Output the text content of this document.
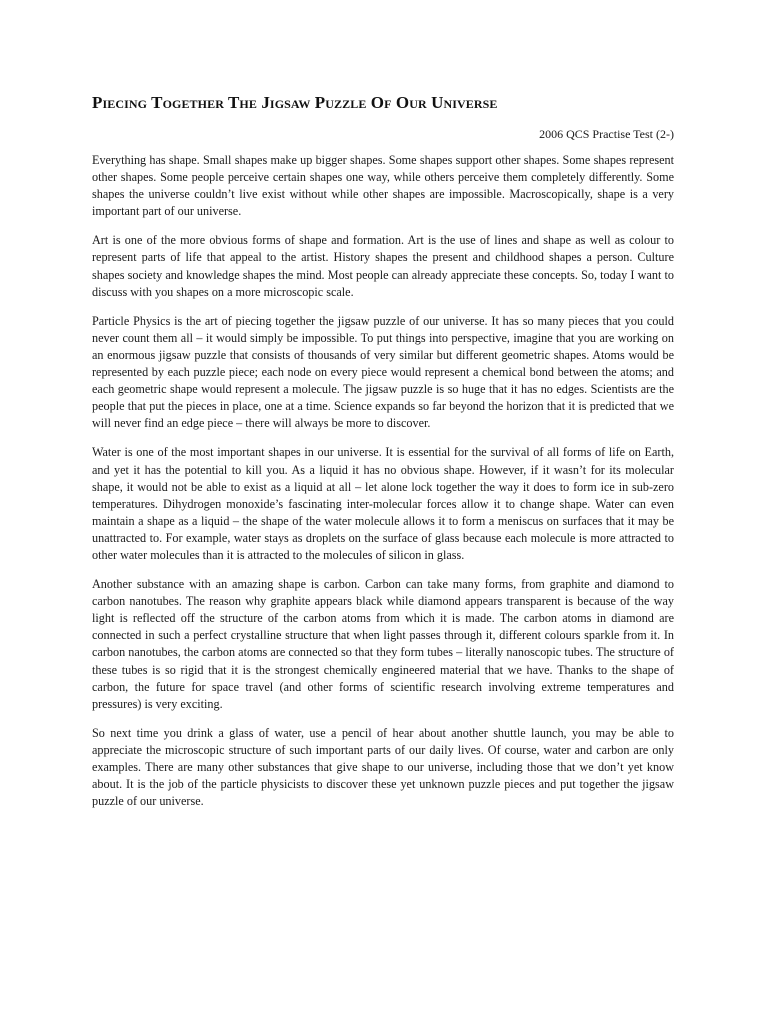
Piecing Together The Jigsaw Puzzle Of Our Universe

2006 QCS Practise Test (2-)

Everything has shape. Small shapes make up bigger shapes. Some shapes support other shapes. Some shapes represent other shapes. Some people perceive certain shapes one way, while others perceive them completely differently. Some shapes the universe couldn’t live exist without while other shapes are impossible. Macroscopically, shape is a very important part of our universe.

Art is one of the more obvious forms of shape and formation. Art is the use of lines and shape as well as colour to represent parts of life that appeal to the artist. History shapes the present and childhood shapes a person. Culture shapes society and knowledge shapes the mind. Most people can already appreciate these concepts. So, today I want to discuss with you shapes on a more microscopic scale.

Particle Physics is the art of piecing together the jigsaw puzzle of our universe. It has so many pieces that you could never count them all – it would simply be impossible. To put things into perspective, imagine that you are working on an enormous jigsaw puzzle that consists of thousands of very similar but different geometric shapes. Atoms would be represented by each puzzle piece; each node on every piece would represent a chemical bond between the atoms; and each geometric shape would represent a molecule. The jigsaw puzzle is so huge that it has no edges. Scientists are the people that put the pieces in place, one at a time. Science expands so far beyond the horizon that it is predicted that we will never find an edge piece – there will always be more to discover.

Water is one of the most important shapes in our universe. It is essential for the survival of all forms of life on Earth, and yet it has the potential to kill you. As a liquid it has no obvious shape. However, if it wasn’t for its molecular shape, it would not be able to exist as a liquid at all – let alone lock together the way it does to form ice in sub-zero temperatures. Dihydrogen monoxide’s fascinating inter-molecular forces allow it to change shape. Water can even maintain a shape as a liquid – the shape of the water molecule allows it to form a meniscus on surfaces that it may be unattracted to. For example, water stays as droplets on the surface of glass because each molecule is more attracted to other water molecules than it is attracted to the molecules of silicon in glass.

Another substance with an amazing shape is carbon. Carbon can take many forms, from graphite and diamond to carbon nanotubes. The reason why graphite appears black while diamond appears transparent is because of the way light is reflected off the structure of the carbon atoms from which it is made. The carbon atoms in diamond are connected in such a perfect crystalline structure that when light passes through it, different colours sparkle from it. In carbon nanotubes, the carbon atoms are connected so that they form tubes – literally nanoscopic tubes. The structure of these tubes is so rigid that it is the strongest chemically engineered material that we have. Thanks to the shape of carbon, the future for space travel (and other forms of scientific research involving extreme temperatures and pressures) is very exciting.

So next time you drink a glass of water, use a pencil of hear about another shuttle launch, you may be able to appreciate the microscopic structure of such important parts of our daily lives. Of course, water and carbon are only examples. There are many other substances that give shape to our universe, including those that we don’t yet know about. It is the job of the particle physicists to discover these yet unknown puzzle pieces and put together the jigsaw puzzle of our universe.
